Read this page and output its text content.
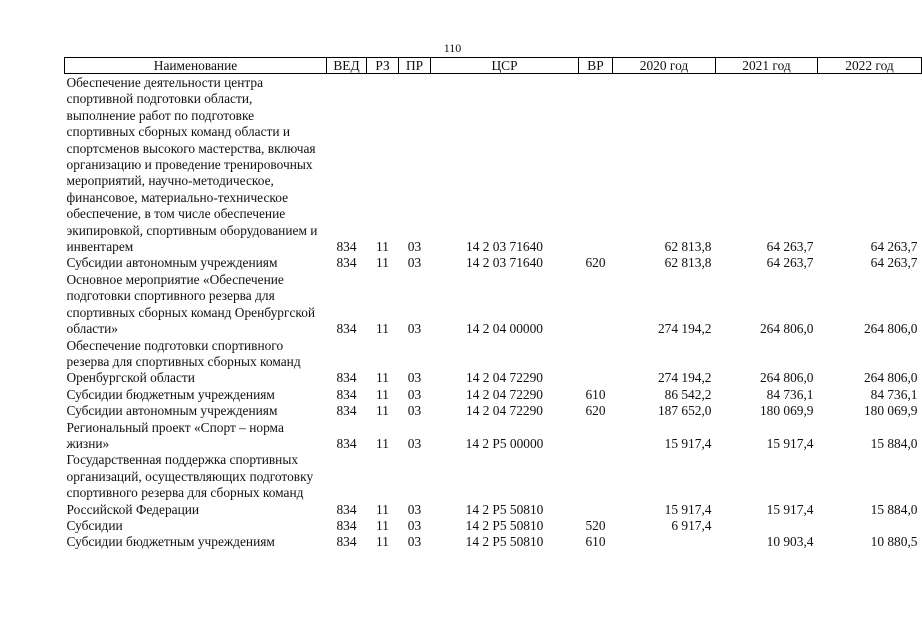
110
Наименование	ВЕД	РЗ	ПР	ЦСР	ВР	2020 год	2021 год	2022 год
Обеспечение деятельности центра спортивной подготовки области, выполнение работ по подготовке спортивных сборных команд области и спортсменов высокого мастерства, включая организацию и проведение тренировочных мероприятий, научно-методическое, финансовое, материально-техническое обеспечение, в том числе обеспечение экипировкой, спортивным оборудованием и инвентарем	834	11	03	14 2 03 71640		62 813,8	64 263,7	64 263,7
Субсидии автономным учреждениям	834	11	03	14 2 03 71640	620	62 813,8	64 263,7	64 263,7
Основное мероприятие «Обеспечение подготовки спортивного резерва для спортивных сборных команд Оренбургской области»	834	11	03	14 2 04 00000		274 194,2	264 806,0	264 806,0
Обеспечение подготовки спортивного резерва для спортивных сборных команд Оренбургской области	834	11	03	14 2 04 72290		274 194,2	264 806,0	264 806,0
Субсидии бюджетным учреждениям	834	11	03	14 2 04 72290	610	86 542,2	84 736,1	84 736,1
Субсидии автономным учреждениям	834	11	03	14 2 04 72290	620	187 652,0	180 069,9	180 069,9
Региональный проект «Спорт – норма жизни»	834	11	03	14 2 P5 00000		15 917,4	15 917,4	15 884,0
Государственная поддержка спортивных организаций, осуществляющих подготовку спортивного резерва для сборных команд Российской Федерации	834	11	03	14 2 P5 50810		15 917,4	15 917,4	15 884,0
Субсидии	834	11	03	14 2 P5 50810	520	6 917,4		
Субсидии бюджетным учреждениям	834	11	03	14 2 P5 50810	610		10 903,4	10 880,5
